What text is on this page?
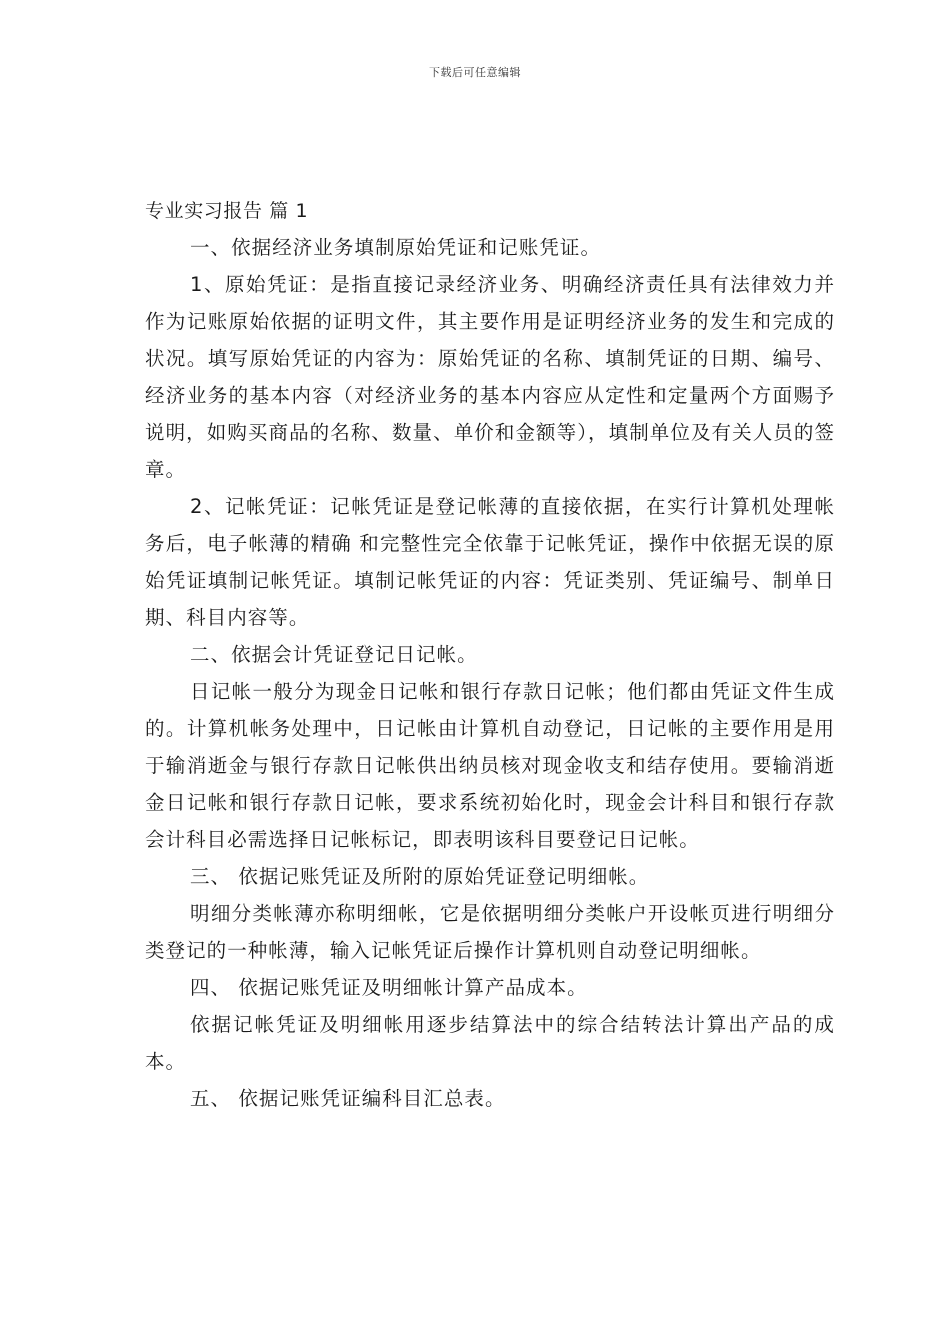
下载后可任意编辑
专业实习报告 篇 1

一、依据经济业务填制原始凭证和记账凭证。

1、原始凭证：是指直接记录经济业务、明确经济责任具有法律效力并作为记账原始依据的证明文件，其主要作用是证明经济业务的发生和完成的状况。填写原始凭证的内容为：原始凭证的名称、填制凭证的日期、编号、经济业务的基本内容（对经济业务的基本内容应从定性和定量两个方面赐予说明，如购买商品的名称、数量、单价和金额等），填制单位及有关人员的签章。

2、记帐凭证：记帐凭证是登记帐薄的直接依据，在实行计算机处理帐务后，电子帐薄的精确 和完整性完全依靠于记帐凭证，操作中依据无误的原始凭证填制记帐凭证。填制记帐凭证的内容：凭证类别、凭证编号、制单日期、科目内容等。

二、依据会计凭证登记日记帐。

日记帐一般分为现金日记帐和银行存款日记帐；他们都由凭证文件生成的。计算机帐务处理中，日记帐由计算机自动登记，日记帐的主要作用是用于输消逝金与银行存款日记帐供出纳员核对现金收支和结存使用。要输消逝金日记帐和银行存款日记帐，要求系统初始化时，现金会计科目和银行存款会计科目必需选择日记帐标记，即表明该科目要登记日记帐。

三、 依据记账凭证及所附的原始凭证登记明细帐。

明细分类帐薄亦称明细帐，它是依据明细分类帐户开设帐页进行明细分类登记的一种帐薄，输入记帐凭证后操作计算机则自动登记明细帐。

四、 依据记账凭证及明细帐计算产品成本。

依据记帐凭证及明细帐用逐步结算法中的综合结转法计算出产品的成本。

五、 依据记账凭证编科目汇总表。
